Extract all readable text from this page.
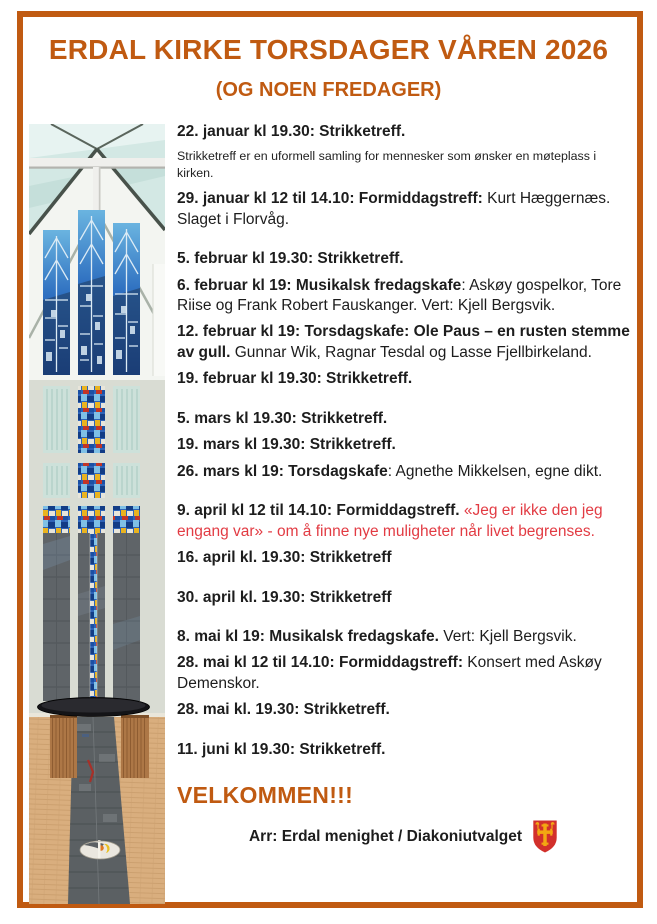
ERDAL KIRKE TORSDAGER VÅREN 2026
(OG NOEN FREDAGER)

22. januar kl 19.30: Strikketreff.

Strikketreff er en uformell samling for mennesker som ønsker en møteplass i kirken.

29. januar kl 12 til 14.10: Formiddagstreff: Kurt Hæggernæs. Slaget i Florvåg.

5. februar kl 19.30: Strikketreff.

6. februar kl 19: Musikalsk fredagskafe: Askøy gospelkor, Tore Riise og Frank Robert Fauskanger. Vert: Kjell Bergsvik.

12. februar kl 19: Torsdagskafe: Ole Paus – en rusten stemme av gull. Gunnar Wik, Ragnar Tesdal og Lasse Fjellbirkeland.

19. februar kl 19.30: Strikketreff.

5. mars kl 19.30: Strikketreff.

19. mars kl 19.30: Strikketreff.

26. mars kl 19: Torsdagskafe: Agnethe Mikkelsen, egne dikt.

9. april kl 12 til 14.10: Formiddagstreff. «Jeg er ikke den jeg engang var» - om å finne nye muligheter når livet begrenses.

16. april kl. 19.30: Strikketreff

30. april kl. 19.30: Strikketreff

8. mai kl 19: Musikalsk fredagskafe. Vert: Kjell Bergsvik.

28. mai kl 12 til 14.10: Formiddagstreff: Konsert med Askøy Demenskor.

28. mai kl. 19.30: Strikketreff.

11. juni kl 19.30: Strikketreff.

VELKOMMEN!!!
Arr: Erdal menighet / Diakoniutvalget
